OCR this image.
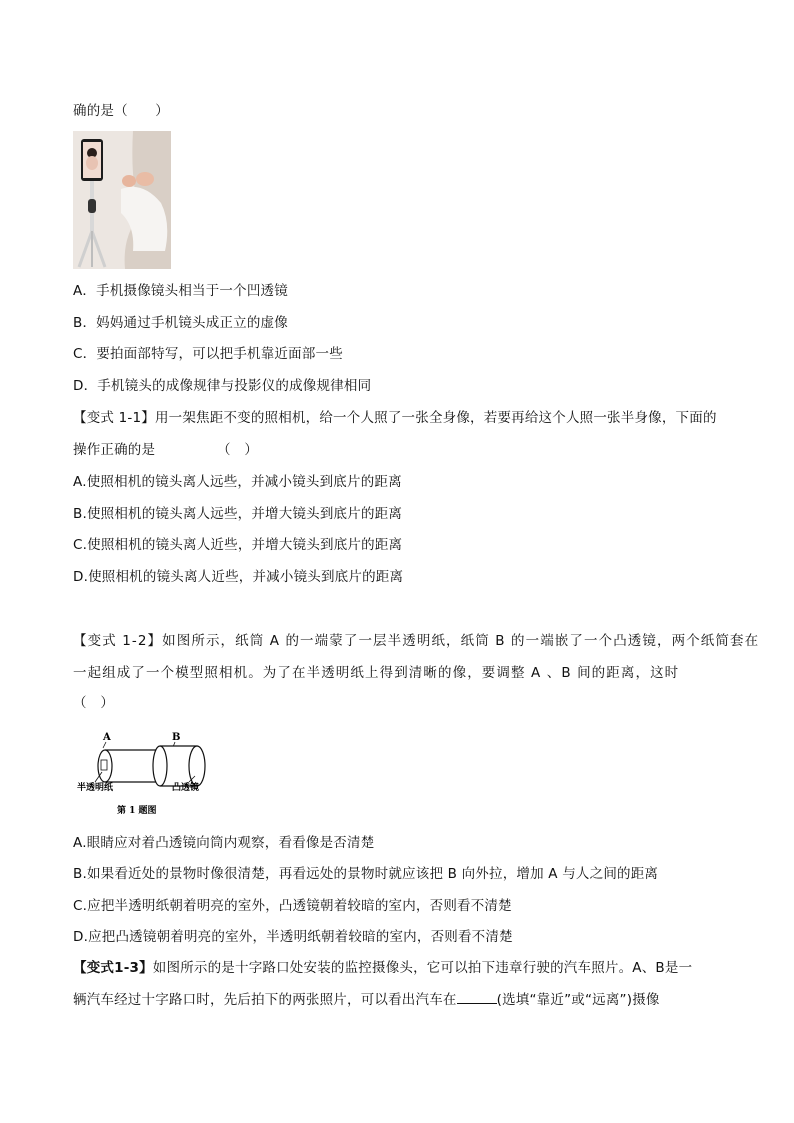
确的是（　　）
A．手机摄像镜头相当于一个凹透镜
B．妈妈通过手机镜头成正立的虚像
C．要拍面部特写，可以把手机靠近面部一些
D．手机镜头的成像规律与投影仪的成像规律相同
【变式 1-1】用一架焦距不变的照相机，给一个人照了一张全身像，若要再给这个人照一张半身像，下面的
操作正确的是　　　　　（　）
A.使照相机的镜头离人远些，并减小镜头到底片的距离
B.使照相机的镜头离人远些，并增大镜头到底片的距离
C.使照相机的镜头离人近些，并增大镜头到底片的距离
D.使照相机的镜头离人近些，并减小镜头到底片的距离
【变式 1-2】如图所示，纸筒 A 的一端蒙了一层半透明纸，纸筒 B 的一端嵌了一个凸透镜，两个纸简套在
一起组成了一个模型照相机。为了在半透明纸上得到清晰的像，要调整 A 、B 间的距离，这时
（　）
A	B
半透明纸	凸透镜
第 1 题图
A.眼睛应对着凸透镜向筒内观察，看看像是否清楚
B.如果看近处的景物时像很清楚，再看远处的景物时就应该把 B 向外拉，增加 A 与人之间的距离
C.应把半透明纸朝着明亮的室外，凸透镜朝着较暗的室内，否则看不清楚
D.应把凸透镜朝着明亮的室外，半透明纸朝着较暗的室内，否则看不清楚
【变式1-3】如图所示的是十字路口处安装的监控摄像头，它可以拍下违章行驶的汽车照片。A、B是一
辆汽车经过十字路口时，先后拍下的两张照片，可以看出汽车在	(选填“靠近”或“远离”)摄像
